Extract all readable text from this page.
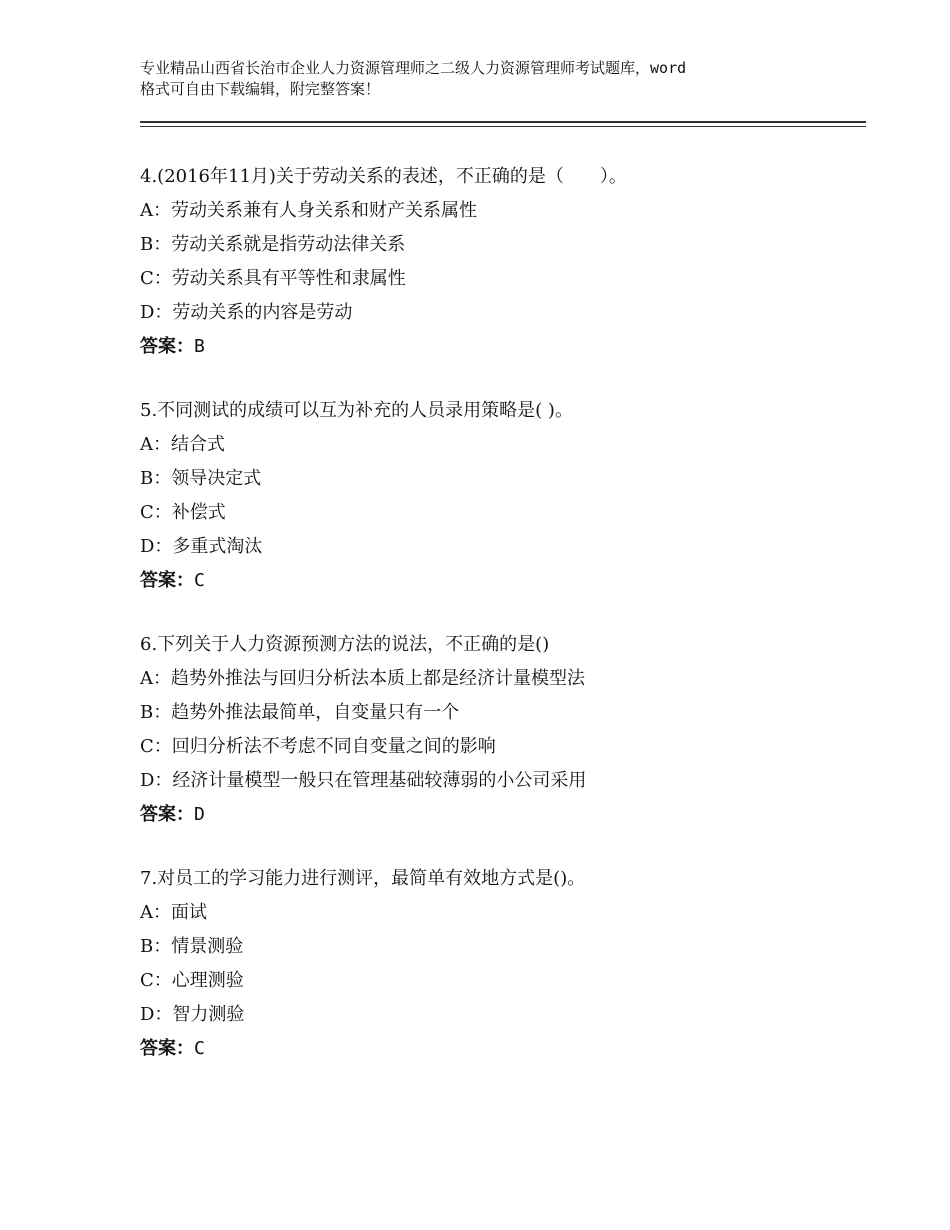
专业精品山西省长治市企业人力资源管理师之二级人力资源管理师考试题库，word
格式可自由下载编辑，附完整答案！
4.(2016年11月)关于劳动关系的表述，不正确的是（　　）。
A：劳动关系兼有人身关系和财产关系属性
B：劳动关系就是指劳动法律关系
C：劳动关系具有平等性和隶属性
D：劳动关系的内容是劳动
答案：B
5.不同测试的成绩可以互为补充的人员录用策略是( )。
A：结合式
B：领导决定式
C：补偿式
D：多重式淘汰
答案：C
6.下列关于人力资源预测方法的说法，不正确的是()
A：趋势外推法与回归分析法本质上都是经济计量模型法
B：趋势外推法最简单，自变量只有一个
C：回归分析法不考虑不同自变量之间的影响
D：经济计量模型一般只在管理基础较薄弱的小公司采用
答案：D
7.对员工的学习能力进行测评，最简单有效地方式是()。
A：面试
B：情景测验
C：心理测验
D：智力测验
答案：C
